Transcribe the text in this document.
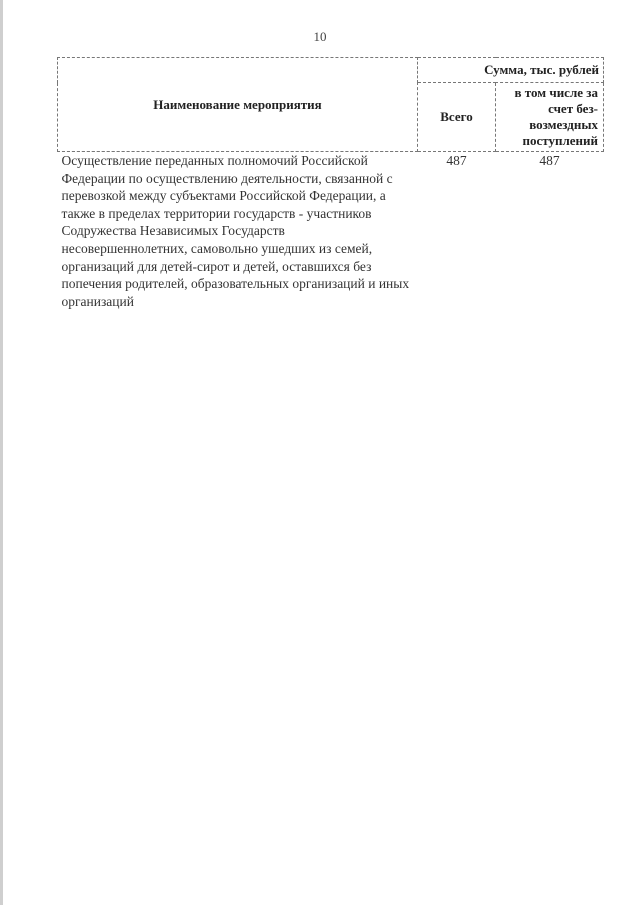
10
Наименование мероприятия	Сумма, тыс. рублей	
	Всего	в том числе за счет без-возмездных поступлений
Осуществление переданных полномочий Российской Федерации по осуществлению деятельности, связанной с перевозкой между субъектами Российской Федерации, а также в пределах территории государств - участников Содружества Независимых Государств несовершеннолетних, самовольно ушедших из семей, организаций для детей-сирот и детей, оставшихся без попечения родителей, образовательных организаций и иных организаций	487	487
